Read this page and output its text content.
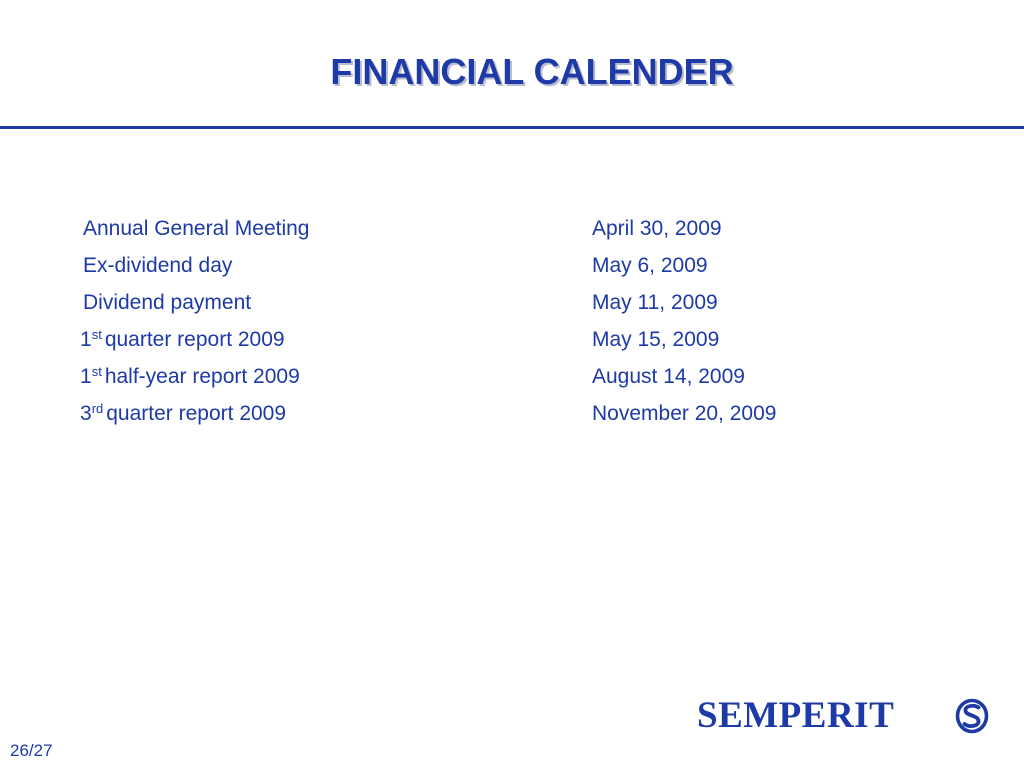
FINANCIAL CALENDER
Annual General Meeting	April 30, 2009
Ex-dividend day	May 6, 2009
Dividend payment	May 11, 2009
1st quarter report 2009	May 15, 2009
1st half-year report 2009	August 14, 2009
3rd quarter report 2009	November 20, 2009
SEMPERIT
26/27
